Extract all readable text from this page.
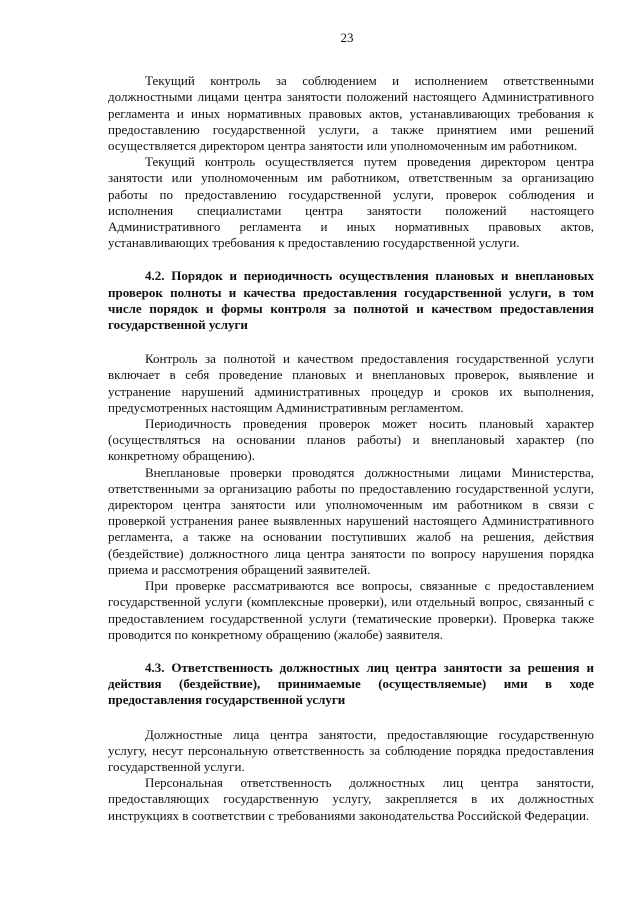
23

Текущий контроль за соблюдением и исполнением ответственными должностными лицами центра занятости положений настоящего Административного регламента и иных нормативных правовых актов, устанавливающих требования к предоставлению государственной услуги, а также принятием ими решений осуществляется директором центра занятости или уполномоченным им работником.

Текущий контроль осуществляется путем проведения директором центра занятости или уполномоченным им работником, ответственным за организацию работы по предоставлению государственной услуги, проверок соблюдения и исполнения специалистами центра занятости положений настоящего Административного регламента и иных нормативных правовых актов, устанавливающих требования к предоставлению государственной услуги.

4.2. Порядок и периодичность осуществления плановых и внеплановых проверок полноты и качества предоставления государственной услуги, в том числе порядок и формы контроля за полнотой и качеством предоставления государственной услуги

Контроль за полнотой и качеством предоставления государственной услуги включает в себя проведение плановых и внеплановых проверок, выявление и устранение нарушений административных процедур и сроков их выполнения, предусмотренных настоящим Административным регламентом.

Периодичность проведения проверок может носить плановый характер (осуществляться на основании планов работы) и внеплановый характер (по конкретному обращению).

Внеплановые проверки проводятся должностными лицами Министерства, ответственными за организацию работы по предоставлению государственной услуги, директором центра занятости или уполномоченным им работником в связи с проверкой устранения ранее выявленных нарушений настоящего Административного регламента, а также на основании поступивших жалоб на решения, действия (бездействие) должностного лица центра занятости по вопросу нарушения порядка приема и рассмотрения обращений заявителей.

При проверке рассматриваются все вопросы, связанные с предоставлением государственной услуги (комплексные проверки), или отдельный вопрос, связанный с предоставлением государственной услуги (тематические проверки). Проверка также проводится по конкретному обращению (жалобе) заявителя.

4.3. Ответственность должностных лиц центра занятости за решения и действия (бездействие), принимаемые (осуществляемые) ими в ходе предоставления государственной услуги

Должностные лица центра занятости, предоставляющие государственную услугу, несут персональную ответственность за соблюдение порядка предоставления государственной услуги.

Персональная ответственность должностных лиц центра занятости, предоставляющих государственную услугу, закрепляется в их должностных инструкциях в соответствии с требованиями законодательства Российской Федерации.
